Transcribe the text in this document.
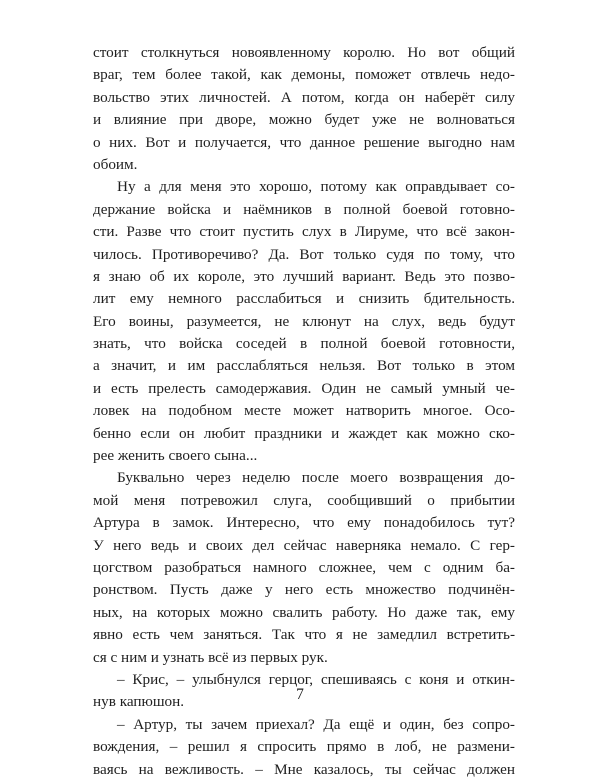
стоит столкнуться новоявленному королю. Но вот общий
враг, тем более такой, как демоны, поможет отвлечь недо-
вольство этих личностей. А потом, когда он наберёт силу
и влияние при дворе, можно будет уже не волноваться
о них. Вот и получается, что данное решение выгодно нам
обоим.
Ну а для меня это хорошо, потому как оправдывает со-
держание войска и наёмников в полной боевой готовно-
сти. Разве что стоит пустить слух в Лируме, что всё закон-
чилось. Противоречиво? Да. Вот только судя по тому, что
я знаю об их короле, это лучший вариант. Ведь это позво-
лит ему немного расслабиться и снизить бдительность.
Его воины, разумеется, не клюнут на слух, ведь будут
знать, что войска соседей в полной боевой готовности,
а значит, и им расслабляться нельзя. Вот только в этом
и есть прелесть самодержавия. Один не самый умный че-
ловек на подобном месте может натворить многое. Осо-
бенно если он любит праздники и жаждет как можно ско-
рее женить своего сына...
Буквально через неделю после моего возвращения до-
мой меня потревожил слуга, сообщивший о прибытии
Артура в замок. Интересно, что ему понадобилось тут?
У него ведь и своих дел сейчас наверняка немало. С гер-
цогством разобраться намного сложнее, чем с одним ба-
ронством. Пусть даже у него есть множество подчинён-
ных, на которых можно свалить работу. Но даже так, ему
явно есть чем заняться. Так что я не замедлил встретить-
ся с ним и узнать всё из первых рук.
– Крис, – улыбнулся герцог, спешиваясь с коня и откин-
нув капюшон.
– Артур, ты зачем приехал? Да ещё и один, без сопро-
вождения, – решил я спросить прямо в лоб, не размени-
ваясь на вежливость. – Мне казалось, ты сейчас должен
7
